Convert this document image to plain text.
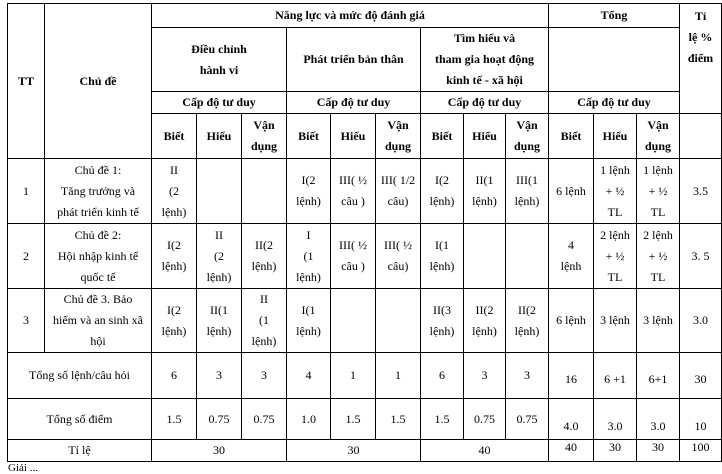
TT	Chủ đề	Năng lực và mức độ đánh giá									Tổng			Tỉ
lệ %
điểm
		Điều chỉnh
hành vi			Phát triển bản thân			Tìm hiểu và
tham gia hoạt động
kinh tế - xã hội						
		Cấp độ tư duy			Cấp độ tư duy			Cấp độ tư duy			Cấp độ tư duy			
		Biết	Hiểu	Vận
dụng	Biết	Hiểu	Vận
dụng	Biết	Hiểu	Vận
dụng	Biết	Hiểu	Vận
dụng	
1	Chủ đề 1:
Tăng trưởng và
phát triển kinh tế	II
(2
lệnh)			I(2
lệnh)	III( ½
câu )	III( 1/2
câu)	I(2
lệnh)	II(1
lệnh)	III(1
lệnh)	6 lệnh	1 lệnh
+ ½
TL	1 lệnh
+ ½
TL	3.5
2	Chủ đề 2:
Hội nhập kinh tế
quốc tế	I(2
lệnh)	II
(2
lệnh)	II(2
lệnh)	I
(1
lệnh)	III( ½
câu )	III( ½
câu)	I(1
lệnh)			4
lệnh	2 lệnh
+ ½
TL	2 lệnh
+ ½
TL	3. 5
3	Chủ đề 3. Bảo
hiểm và an sinh xã
hội	I(2
lệnh)	II(1
lệnh)	II
(1
lệnh)	I(1
lệnh)			II(3
lệnh)	II(2
lệnh)	II(2
lệnh)	6 lệnh	3 lệnh	3 lệnh	3.0
Tổng số lệnh/câu hỏi		6	3	3	4	1	1	6	3	3	16	6 +1	6+1	30
Tổng số điểm		1.5	0.75	0.75	1.0	1.5	1.5	1.5	0.75	0.75	4.0	3.0	3.0	10
Tỉ lệ		30			30			40			40	30	30	100
Giải ...
